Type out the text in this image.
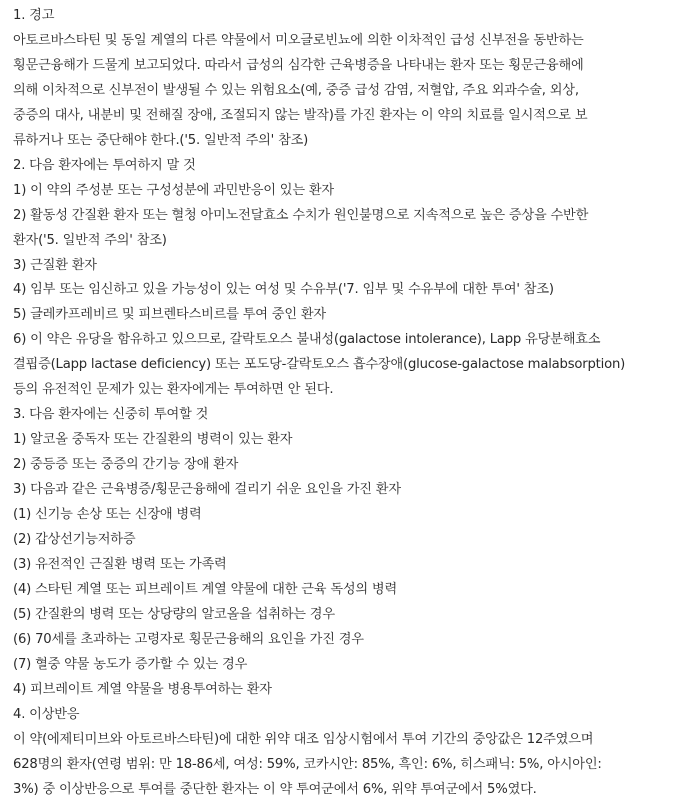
1. 경고

아토르바스타틴 및 동일 계열의 다른 약물에서 미오글로빈뇨에 의한 이차적인 급성 신부전을 동반하는

횡문근융해가 드물게 보고되었다. 따라서 급성의 심각한 근육병증을 나타내는 환자 또는 횡문근융해에

의해 이차적으로 신부전이 발생될 수 있는 위험요소(예, 중증 급성 감염, 저혈압, 주요 외과수술, 외상,

중증의 대사, 내분비 및 전해질 장애, 조절되지 않는 발작)를 가진 환자는 이 약의 치료를 일시적으로 보

류하거나 또는 중단해야 한다.('5. 일반적 주의' 참조)

2. 다음 환자에는 투여하지 말 것

1) 이 약의 주성분 또는 구성성분에 과민반응이 있는 환자

2) 활동성 간질환 환자 또는 혈청 아미노전달효소 수치가 원인불명으로 지속적으로 높은 증상을 수반한

환자('5. 일반적 주의' 참조)

3) 근질환 환자

4) 임부 또는 임신하고 있을 가능성이 있는 여성 및 수유부('7. 임부 및 수유부에 대한 투여' 참조)

5) 글레카프레비르 및 피브렌타스비르를 투여 중인 환자

6) 이 약은 유당을 함유하고 있으므로, 갈락토오스 불내성(galactose intolerance), Lapp 유당분해효소

결핍증(Lapp lactase deficiency) 또는 포도당-갈락토오스 흡수장애(glucose-galactose malabsorption)

등의 유전적인 문제가 있는 환자에게는 투여하면 안 된다.

3. 다음 환자에는 신중히 투여할 것

1) 알코올 중독자 또는 간질환의 병력이 있는 환자

2) 중등증 또는 중증의 간기능 장애 환자

3) 다음과 같은 근육병증/횡문근융해에 걸리기 쉬운 요인을 가진 환자

(1) 신기능 손상 또는 신장애 병력

(2) 갑상선기능저하증

(3) 유전적인 근질환 병력 또는 가족력

(4) 스타틴 계열 또는 피브레이트 계열 약물에 대한 근육 독성의 병력

(5) 간질환의 병력 또는 상당량의 알코올을 섭취하는 경우

(6) 70세를 초과하는 고령자로 횡문근융해의 요인을 가진 경우

(7) 혈중 약물 농도가 증가할 수 있는 경우

4) 피브레이트 계열 약물을 병용투여하는 환자

4. 이상반응

이 약(에제티미브와 아토르바스타틴)에 대한 위약 대조 임상시험에서 투여 기간의 중앙값은 12주였으며

628명의 환자(연령 범위: 만 18-86세, 여성: 59%, 코카시안: 85%, 흑인: 6%, 히스패닉: 5%, 아시아인:

3%) 중 이상반응으로 투여를 중단한 환자는 이 약 투여군에서 6%, 위약 투여군에서 5%였다.
